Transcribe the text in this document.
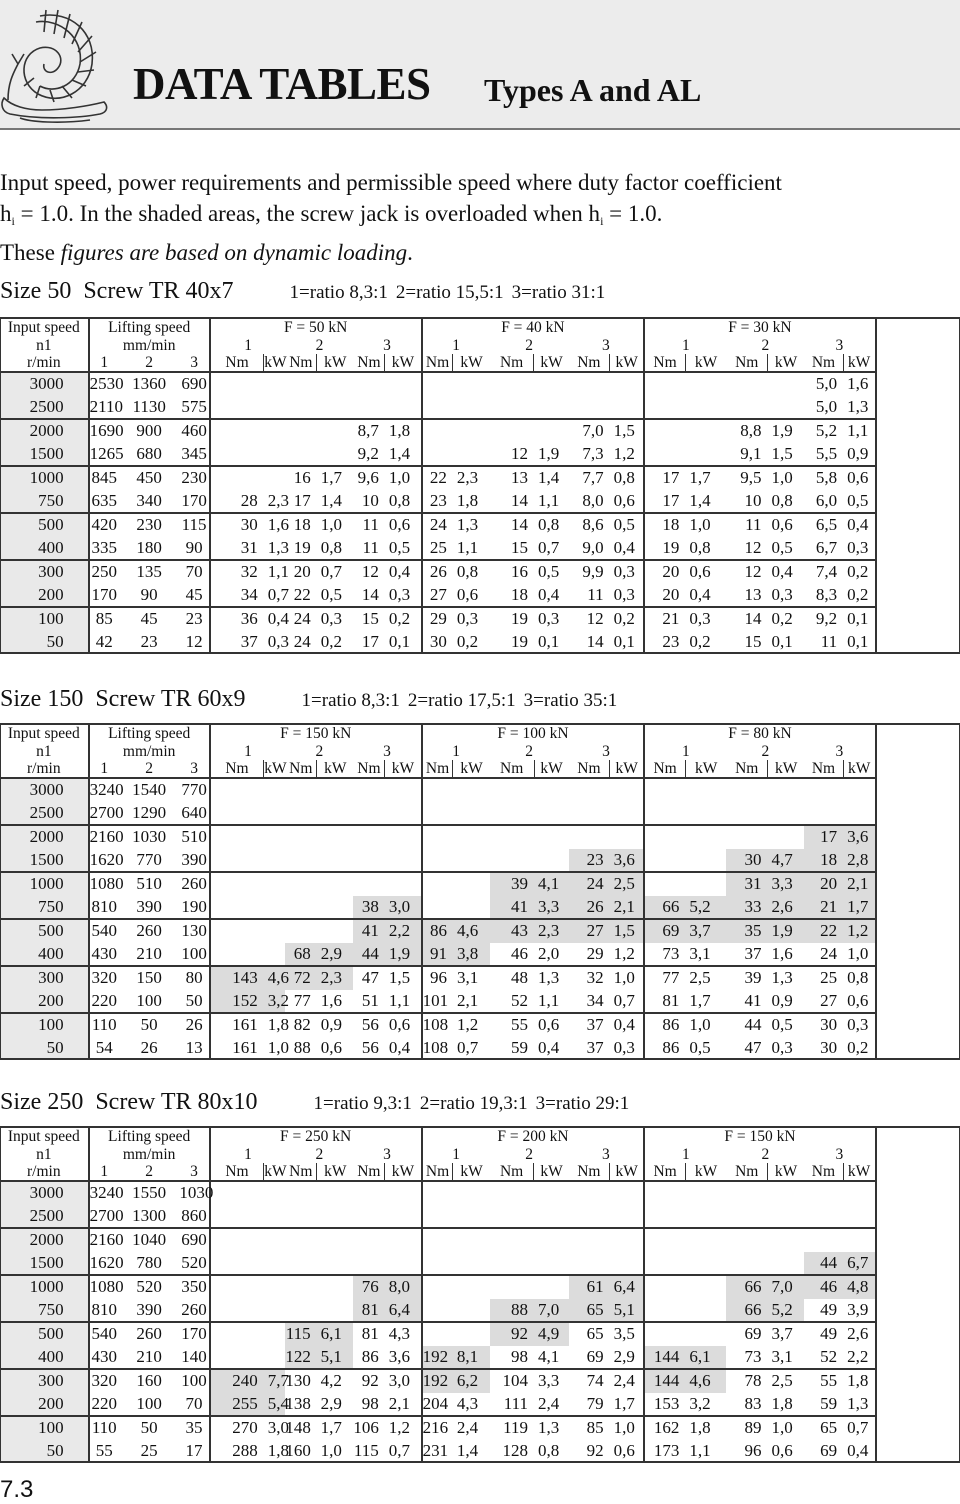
DATA TABLES Types A and AL
Input speed, power requirements and permissible speed where duty factor coefficient
$h_i = 1.0$. In the shaded areas, the screw jack is overloaded when $h_i = 1.0$.
These figures are based on dynamic loading.
Size 50 Screw TR 40x7	1=ratio 8,3:1 2=ratio 15,5:1 3=ratio 31:1
Input speed	Lifting speed			F = 50 kN						F = 40 kN						F = 30 kN					
n1	mm/min			1		2		3		1		2		3		1		2		3	
r/min	1	2	3	Nm	kW	Nm	kW	Nm	kW	Nm	kW	Nm	kW	Nm	kW	Nm	kW	Nm	kW	Nm	kW
3000	2530	1360	690																	5,0	1,6
2500	2110	1130	575																	5,0	1,3
2000	1690	900	460					8,7	1,8					7,0	1,5			8,8	1,9	5,2	1,1
1500	1265	680	345					9,2	1,4			12	1,9	7,3	1,2			9,1	1,5	5,5	0,9
1000	845	450	230			16	1,7	9,6	1,0	22	2,3	13	1,4	7,7	0,8	17	1,7	9,5	1,0	5,8	0,6
750	635	340	170	28	2,3	17	1,4	10	0,8	23	1,8	14	1,1	8,0	0,6	17	1,4	10	0,8	6,0	0,5
500	420	230	115	30	1,6	18	1,0	11	0,6	24	1,3	14	0,8	8,6	0,5	18	1,0	11	0,6	6,5	0,4
400	335	180	90	31	1,3	19	0,8	11	0,5	25	1,1	15	0,7	9,0	0,4	19	0,8	12	0,5	6,7	0,3
300	250	135	70	32	1,1	20	0,7	12	0,4	26	0,8	16	0,5	9,9	0,3	20	0,6	12	0,4	7,4	0,2
200	170	90	45	34	0,7	22	0,5	14	0,3	27	0,6	18	0,4	11	0,3	20	0,4	13	0,3	8,3	0,2
100	85	45	23	36	0,4	24	0,3	15	0,2	29	0,3	19	0,3	12	0,2	21	0,3	14	0,2	9,2	0,1
50	42	23	12	37	0,3	24	0,2	17	0,1	30	0,2	19	0,1	14	0,1	23	0,2	15	0,1	11	0,1
Size 150 Screw TR 60x9	1=ratio 8,3:1 2=ratio 17,5:1 3=ratio 35:1
Input speed	Lifting speed			F = 150 kN						F = 100 kN						F = 80 kN					
n1	mm/min			1		2		3		1		2		3		1		2		3	
r/min	1	2	3	Nm	kW	Nm	kW	Nm	kW	Nm	kW	Nm	kW	Nm	kW	Nm	kW	Nm	kW	Nm	kW
3000	3240	1540	770																		
2500	2700	1290	640																		
2000	2160	1030	510																	17	3,6
1500	1620	770	390											23	3,6			30	4,7	18	2,8
1000	1080	510	260									39	4,1	24	2,5			31	3,3	20	2,1
750	810	390	190					38	3,0			41	3,3	26	2,1	66	5,2	33	2,6	21	1,7
500	540	260	130					41	2,2	86	4,6	43	2,3	27	1,5	69	3,7	35	1,9	22	1,2
400	430	210	100			68	2,9	44	1,9	91	3,8	46	2,0	29	1,2	73	3,1	37	1,6	24	1,0
300	320	150	80	143	4,6	72	2,3	47	1,5	96	3,1	48	1,3	32	1,0	77	2,5	39	1,3	25	0,8
200	220	100	50	152	3,2	77	1,6	51	1,1	101	2,1	52	1,1	34	0,7	81	1,7	41	0,9	27	0,6
100	110	50	26	161	1,8	82	0,9	56	0,6	108	1,2	55	0,6	37	0,4	86	1,0	44	0,5	30	0,3
50	54	26	13	161	1,0	88	0,6	56	0,4	108	0,7	59	0,4	37	0,3	86	0,5	47	0,3	30	0,2
Size 250 Screw TR 80x10	1=ratio 9,3:1 2=ratio 19,3:1 3=ratio 29:1
Input speed	Lifting speed			F = 250 kN						F = 200 kN						F = 150 kN					
n1	mm/min			1		2		3		1		2		3		1		2		3	
r/min	1	2	3	Nm	kW	Nm	kW	Nm	kW	Nm	kW	Nm	kW	Nm	kW	Nm	kW	Nm	kW	Nm	kW
3000	3240	1550	1030																		
2500	2700	1300	860																		
2000	2160	1040	690																		
1500	1620	780	520																	44	6,7
1000	1080	520	350					76	8,0					61	6,4			66	7,0	46	4,8
750	810	390	260					81	6,4			88	7,0	65	5,1			66	5,2	49	3,9
500	540	260	170			115	6,1	81	4,3			92	4,9	65	3,5			69	3,7	49	2,6
400	430	210	140			122	5,1	86	3,6	192	8,1	98	4,1	69	2,9	144	6,1	73	3,1	52	2,2
300	320	160	100	240	7,7	130	4,2	92	3,0	192	6,2	104	3,3	74	2,4	144	4,6	78	2,5	55	1,8
200	220	100	70	255	5,4	138	2,9	98	2,1	204	4,3	111	2,4	79	1,7	153	3,2	83	1,8	59	1,3
100	110	50	35	270	3,0	148	1,7	106	1,2	216	2,4	119	1,3	85	1,0	162	1,8	89	1,0	65	0,7
50	55	25	17	288	1,8	160	1,0	115	0,7	231	1,4	128	0,8	92	0,6	173	1,1	96	0,6	69	0,4
7.3
